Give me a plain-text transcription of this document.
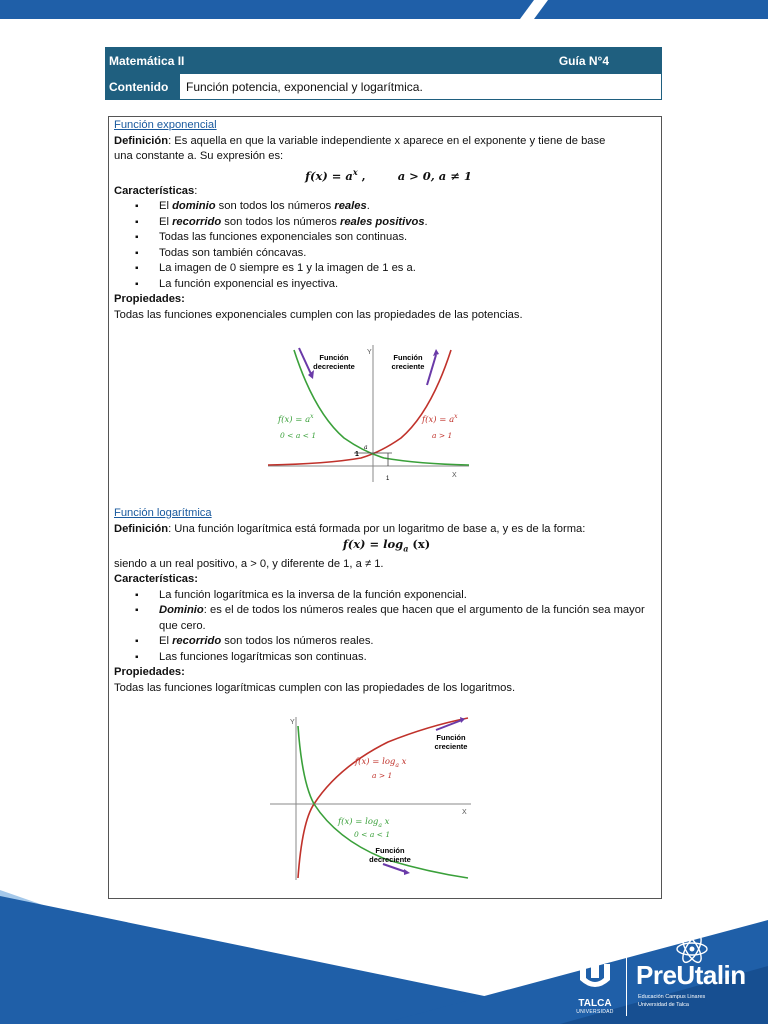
Matemática II	Guía N°4
Contenido	Función potencia, exponencial y logarítmica.
Función exponencial
Definición: Es aquella en que la variable independiente x aparece en el exponente y tiene de base
una constante a. Su expresión es:
$f(x) = a^x$ ,	a > 0, a ≠ 1
Características:
▪ El dominio son todos los números reales.
▪ El recorrido son todos los números reales positivos.
▪ Todas las funciones exponenciales son continuas.
▪ Todas son también cóncavas.
▪ La imagen de 0 siempre es 1 y la imagen de 1 es a.
▪ La función exponencial es inyectiva.
Propiedades:
Todas las funciones exponenciales cumplen con las propiedades de las potencias.
Función
decreciente
Función
creciente
$f(x) = a^x$
0 < a < 1
$f(x) = a^x$
a > 1
Y
X
1
a
1
Función logarítmica
Definición: Una función logarítmica está formada por un logaritmo de base a, y es de la forma:
$f(x) = \log_a (x)$
siendo a un real positivo, a > 0, y diferente de 1, a ≠ 1.
Características:
▪ La función logarítmica es la inversa de la función exponencial.
▪ Dominio: es el de todos los números reales que hacen que el argumento de la función sea mayor que cero.
▪ El recorrido son todos los números reales.
▪ Las funciones logarítmicas son continuas.
Propiedades:
Todas las funciones logarítmicas cumplen con las propiedades de los logaritmos.
Función
creciente
Función
decreciente
$f(x) = \log_a x$
a > 1
$f(x) = \log_a x$
0 < a < 1
Y
X
TALCA
UNIVERSIDAD
PreUtalin
Educación Campus Linares
Universidad de Talca
